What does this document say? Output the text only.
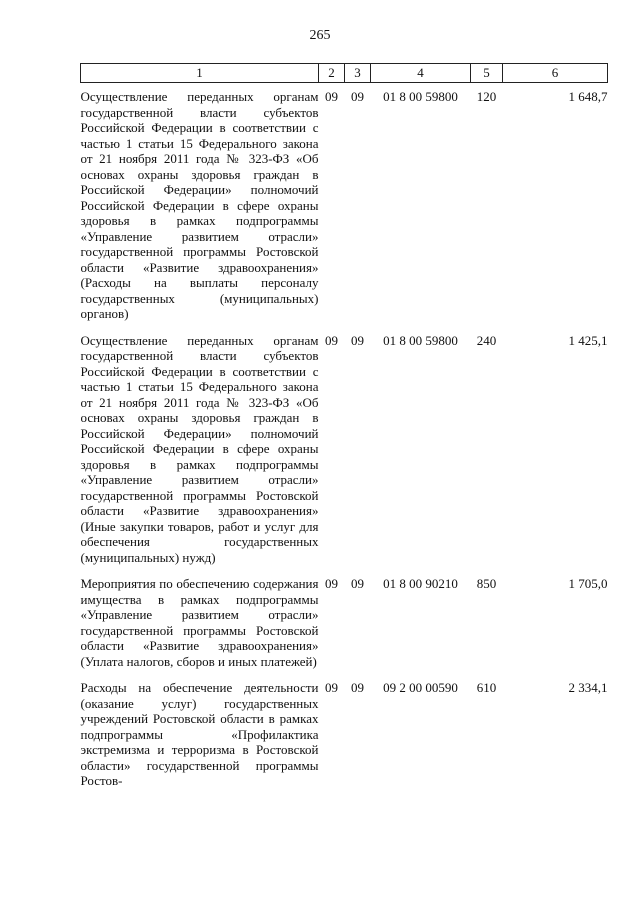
265
1	2	3	4	5	6
Осуществление переданных органам государственной власти субъектов Российской Федерации в соответствии с частью 1 статьи 15 Федерального закона от 21 ноября 2011 года № 323-ФЗ «Об основах охраны здоровья граждан в Российской Федерации» полномочий Российской Федерации в сфере охраны здоровья в рамках подпрограммы «Управление развитием отрасли» государственной программы Ростовской области «Развитие здравоохранения» (Расходы на выплаты персоналу государственных (муниципальных) органов)	09	09	01 8 00 59800	120	1 648,7
Осуществление переданных органам государственной власти субъектов Российской Федерации в соответствии с частью 1 статьи 15 Федерального закона от 21 ноября 2011 года № 323-ФЗ «Об основах охраны здоровья граждан в Российской Федерации» полномочий Российской Федерации в сфере охраны здоровья в рамках подпрограммы «Управление развитием отрасли» государственной программы Ростовской области «Развитие здравоохранения» (Иные закупки товаров, работ и услуг для обеспечения государственных (муниципальных) нужд)	09	09	01 8 00 59800	240	1 425,1
Мероприятия по обеспечению содержания имущества в рамках подпрограммы «Управление развитием отрасли» государственной программы Ростовской области «Развитие здравоохранения» (Уплата налогов, сборов и иных платежей)	09	09	01 8 00 90210	850	1 705,0
Расходы на обеспечение деятельности (оказание услуг) государственных учреждений Ростовской области в рамках подпрограммы «Профилактика экстремизма и терроризма в Ростовской области» государственной программы Ростов-	09	09	09 2 00 00590	610	2 334,1
